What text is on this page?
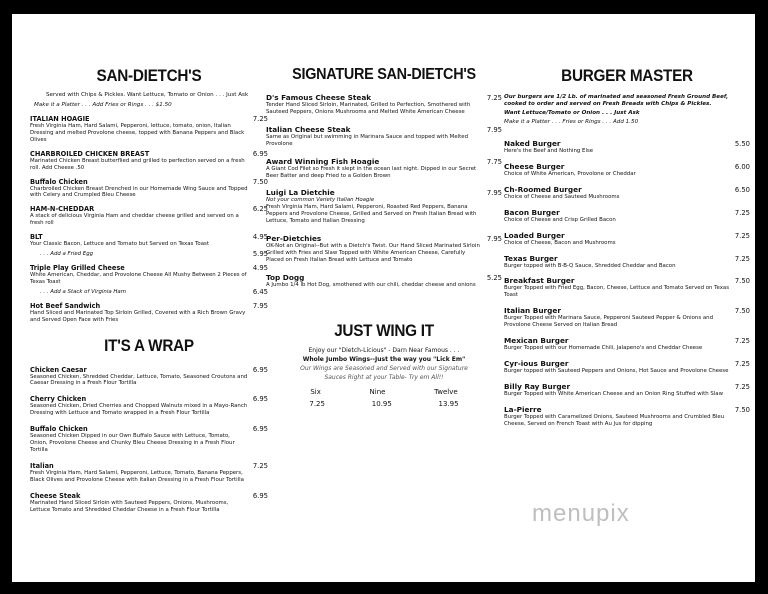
SAN-DIETCH'S
Served with Chips & Pickles. Want Lettuce, Tomato or Onion . . . Just Ask
Make it a Platter . . . Add Fries or Rings . . . $1.50
ITALIAN HOAGIE	7.25
Fresh Virginia Ham, Hard Salami, Pepperoni, lettuce, tomato, onion, Italian Dressing and melted Provolone cheese, topped with Banana Peppers and Black Olives
CHARBROILED CHICKEN BREAST	6.95
Marinated Chicken Breast butterflied and grilled to perfection served on a fresh roll. Add Cheese .50
Buffalo Chicken	7.50
Charbroiled Chicken Breast Drenched in our Homemade Wing Sauce and Topped with Celery and Crumpled Bleu Cheese
HAM-N-CHEDDAR	6.25
A stack of delicious Virginia Ham and cheddar cheese grilled and served on a fresh roll
BLT	4.95
Your Classic Bacon, Lettuce and Tomato but Served on Texas Toast
. . . Add a Fried Egg	5.95
Triple Play Grilled Cheese	4.95
White American, Cheddar, and Provolone Cheese All Mushy Between 2 Pieces of Texas Toast
. . . Add a Stack of Virginia Ham	6.45
Hot Beef Sandwich	7.95
Hand Sliced and Marinated Top Sirloin Grilled, Covered with a Rich Brown Gravy and Served Open Face with Fries
IT'S A WRAP
Chicken Caesar	6.95
Seasoned Chicken, Shredded Cheddar, Lettuce, Tomato, Seasoned Croutons and Caesar Dressing in a Fresh Flour Tortilla
Cherry Chicken	6.95
Seasoned Chicken, Dried Cherries and Chopped Walnuts mixed in a Mayo-Ranch Dressing with Lettuce and Tomato wrapped in a Fresh Flour Tortilla
Buffalo Chicken	6.95
Seasoned Chicken Dipped in our Own Buffalo Sauce with Lettuce, Tomato, Onion, Provolone Cheese and Chunky Bleu Cheese Dressing in a Fresh Flour Tortilla
Italian	7.25
Fresh Virginia Ham, Hard Salami, Pepperoni, Lettuce, Tomato, Banana Peppers, Black Olives and Provolone Cheese with Italian Dressing in a Fresh Flour Tortilla
Cheese Steak	6.95
Marinated Hand Sliced Sirloin with Sauteed Peppers, Onions, Mushrooms, Lettuce Tomato and Shredded Cheddar Cheese in a Fresh Flour Tortilla
SIGNATURE SAN-DIETCH'S
D's Famous Cheese Steak	7.25
Tender Hand Sliced Sirloin, Marinated, Grilled to Perfection, Smothered with Sauteed Peppers, Onions Mushrooms and Melted White American Cheese
Italian Cheese Steak	7.95
Same as Original but swimming in Marinara Sauce and topped with Melted Provolone
Award Winning Fish Hoagie	7.75
A Giant Cod Filet so Fresh it slept in the ocean last night. Dipped in our Secret Beer Batter and deep Fried to a Golden Brown
Luigi La Dietchie	7.95
Not your common Variety Italian Hoagie
Fresh Virginia Ham, Hard Salami, Pepperoni, Roasted Red Peppers, Banana Peppers and Provolone Cheese, Grilled and Served on Fresh Italian Bread with Lettuce, Tomato and Italian Dressing
Per-Dietchies	7.95
OK-Not an Original--But with a Dietch's Twist. Our Hand Sliced Marinated Sirloin Grilled with Fries and Slaw Topped with White American Cheese, Carefully Placed on Fresh Italian Bread with Lettuce and Tomato
Top Dogg	5.25
A Jumbo 1/4 lb Hot Dog, smothered with our chili, cheddar cheese and onions
JUST WING IT
Enjoy our "Dietch-Licious" - Darn Near Famous . . .
Whole Jumbo Wings--Just the way you "Lick Em"
Our Wings are Seasoned and Served with our Signature
Sauces Right at your Table- Try em All!!
Six	Nine	Twelve
7.25	10.95	13.95
BURGER MASTER
Our burgers are 1/2 Lb. of marinated and seasoned Fresh Ground Beef, cooked to order and served on Fresh Breads with Chips & Pickles.
Want Lettuce/Tomato or Onion . . . Just Ask
Make it a Platter . . . Fries or Rings . . . Add 1.50
Naked Burger	5.50
Here's the Beef and Nothing Else
Cheese Burger	6.00
Choice of White American, Provolone or Cheddar
Ch-Roomed Burger	6.50
Choice of Cheese and Sauteed Mushrooms
Bacon Burger	7.25
Choice of Cheese and Crisp Grilled Bacon
Loaded Burger	7.25
Choice of Cheese, Bacon and Mushrooms
Texas Burger	7.25
Burger topped with B-B-Q Sauce, Shredded Cheddar and Bacon
Breakfast Burger	7.50
Burger Topped with Fried Egg, Bacon, Cheese, Lettuce and Tomato Served on Texas Toast
Italian Burger	7.50
Burger Topped with Marinara Sauce, Pepperoni Sauteed Pepper & Onions and Provolone Cheese Served on Italian Bread
Mexican Burger	7.25
Burger Topped with our Homemade Chili, Jalapeno's and Cheddar Cheese
Cyr-ious Burger	7.25
Burger topped with Sauteed Peppers and Onions, Hot Sauce and Provolone Cheese
Billy Ray Burger	7.25
Burger Topped with White American Cheese and an Onion Ring Stuffed with Slaw
La-Pierre	7.50
Burger Topped with Caramelized Onions, Sauteed Mushrooms and Crumbled Bleu Cheese, Served on French Toast with Au Jus for dipping
menupix
